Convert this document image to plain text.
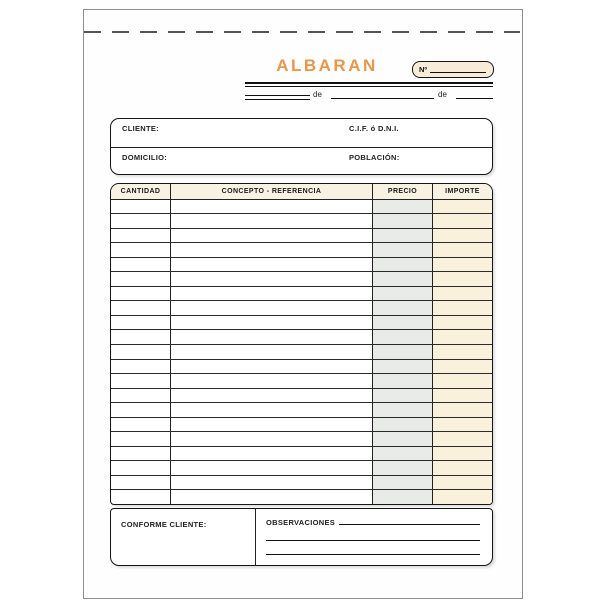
ALBARAN	Nº
de	de
CLIENTE:	C.I.F. ó D.N.I.
DOMICILIO:	POBLACIÓN:
CANTIDAD	CONCEPTO - REFERENCIA	PRECIO	IMPORTE
CONFORME CLIENTE:	OBSERVACIONES
